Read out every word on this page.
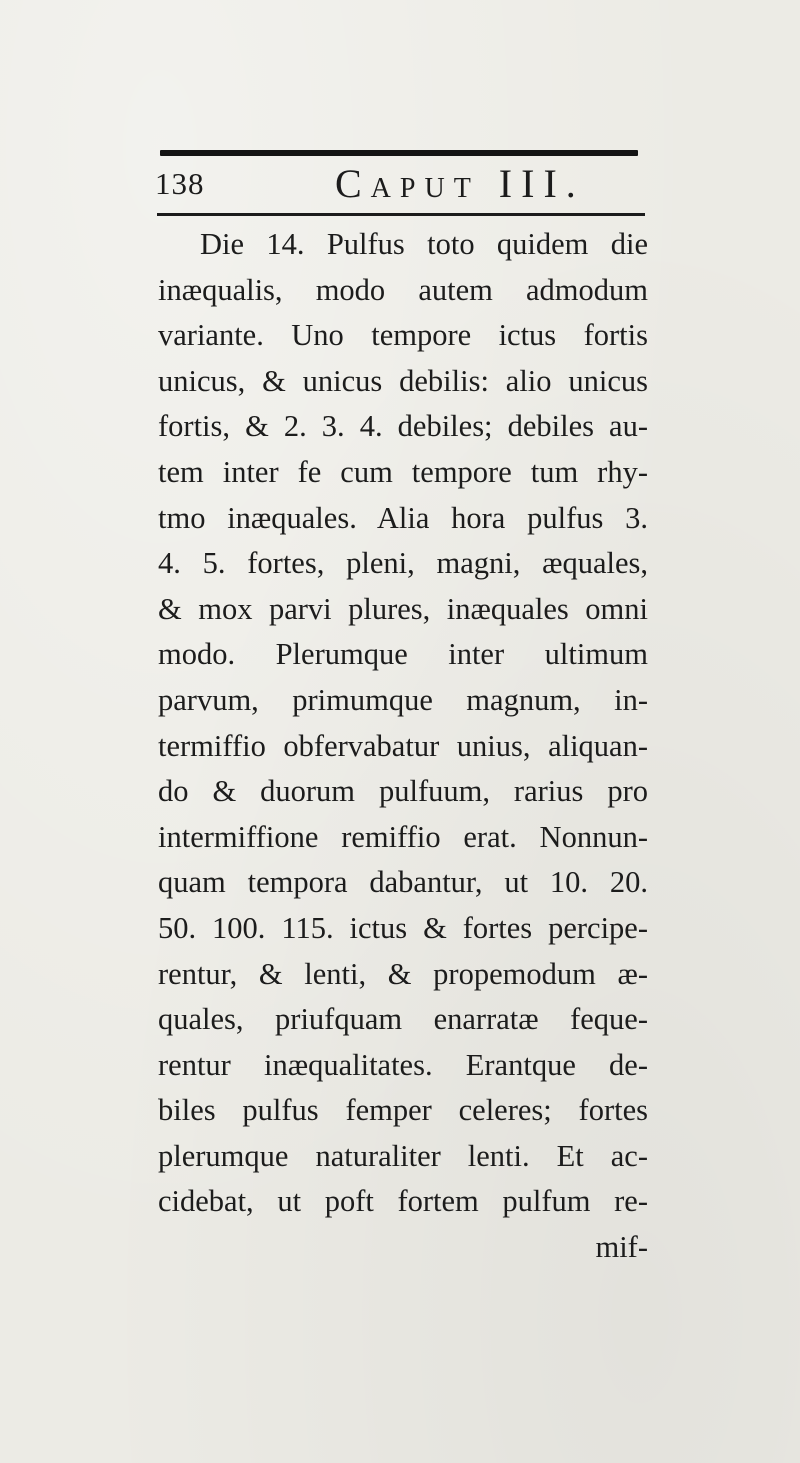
138	Caput III.
Die 14. Pulfus toto quidem die
inæqualis, modo autem admodum
variante. Uno tempore ictus fortis
unicus, & unicus debilis: alio unicus
fortis, & 2. 3. 4. debiles; debiles au-
tem inter fe cum tempore tum rhy-
tmo inæquales. Alia hora pulfus 3.
4. 5. fortes, pleni, magni, æquales,
& mox parvi plures, inæquales omni
modo. Plerumque inter ultimum
parvum, primumque magnum, in-
termiffio obfervabatur unius, aliquan-
do & duorum pulfuum, rarius pro
intermiffione remiffio erat. Nonnun-
quam tempora dabantur, ut 10. 20.
50. 100. 115. ictus & fortes percipe-
rentur, & lenti, & propemodum æ-
quales, priufquam enarratæ feque-
rentur inæqualitates. Erantque de-
biles pulfus femper celeres; fortes
plerumque naturaliter lenti. Et ac-
cidebat, ut poft fortem pulfum re-
mif-
